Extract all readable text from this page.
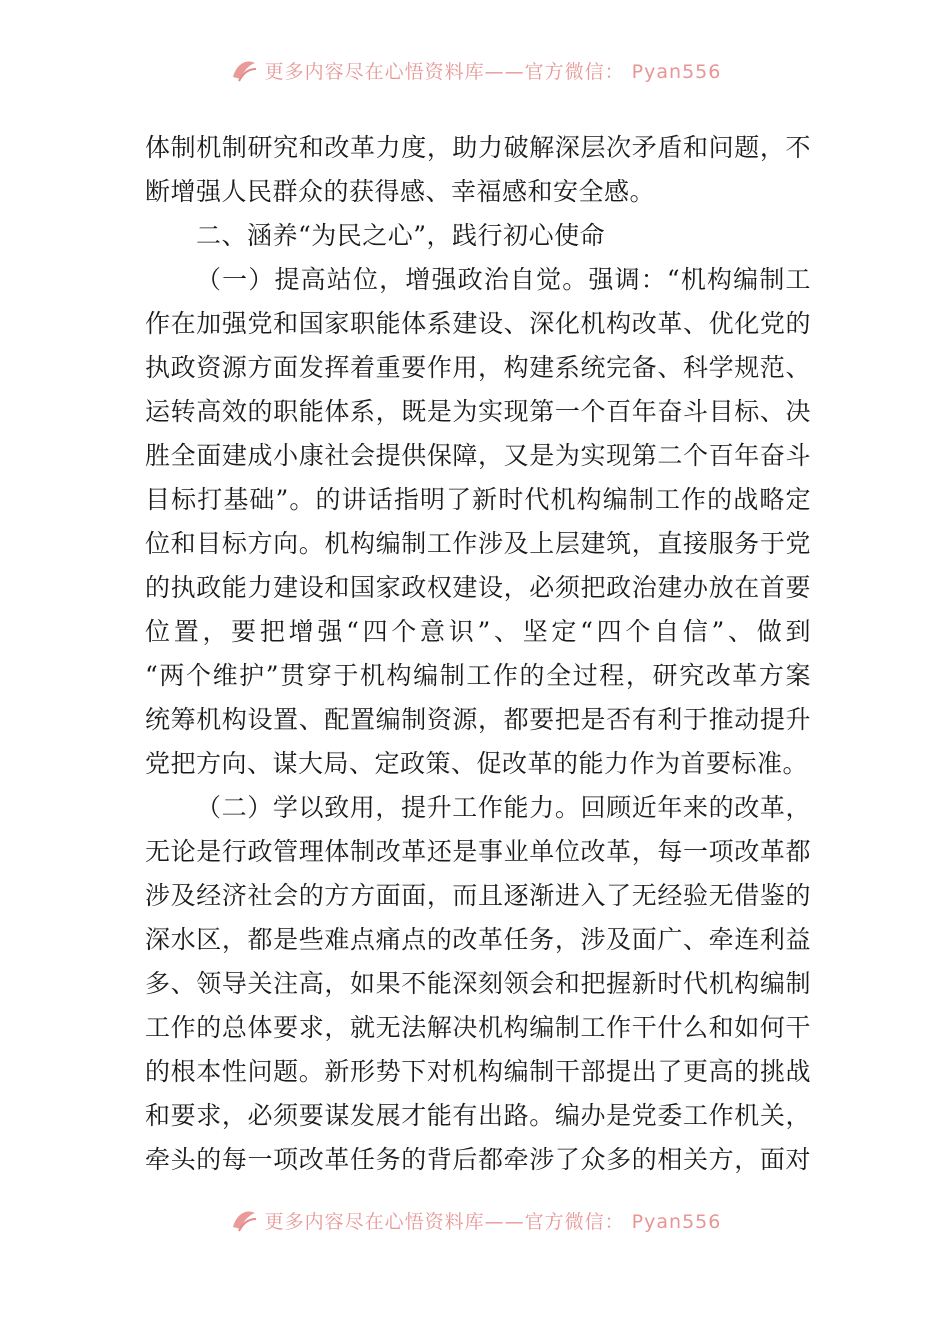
更多内容尽在心悟资料库——官方微信： Pyan556
体制机制研究和改革力度，助力破解深层次矛盾和问题，不
断增强人民群众的获得感、幸福感和安全感。
二、涵养“为民之心”，践行初心使命
（一）提高站位，增强政治自觉。强调：“机构编制工
作在加强党和国家职能体系建设、深化机构改革、优化党的
执政资源方面发挥着重要作用，构建系统完备、科学规范、
运转高效的职能体系，既是为实现第一个百年奋斗目标、决
胜全面建成小康社会提供保障，又是为实现第二个百年奋斗
目标打基础”。的讲话指明了新时代机构编制工作的战略定
位和目标方向。机构编制工作涉及上层建筑，直接服务于党
的执政能力建设和国家政权建设，必须把政治建办放在首要
位置，要把增强“四个意识”、坚定“四个自信”、做到
“两个维护”贯穿于机构编制工作的全过程，研究改革方案
统筹机构设置、配置编制资源，都要把是否有利于推动提升
党把方向、谋大局、定政策、促改革的能力作为首要标准。
（二）学以致用，提升工作能力。回顾近年来的改革，
无论是行政管理体制改革还是事业单位改革，每一项改革都
涉及经济社会的方方面面，而且逐渐进入了无经验无借鉴的
深水区，都是些难点痛点的改革任务，涉及面广、牵连利益
多、领导关注高，如果不能深刻领会和把握新时代机构编制
工作的总体要求，就无法解决机构编制工作干什么和如何干
的根本性问题。新形势下对机构编制干部提出了更高的挑战
和要求，必须要谋发展才能有出路。编办是党委工作机关，
牵头的每一项改革任务的背后都牵涉了众多的相关方，面对
更多内容尽在心悟资料库——官方微信： Pyan556
